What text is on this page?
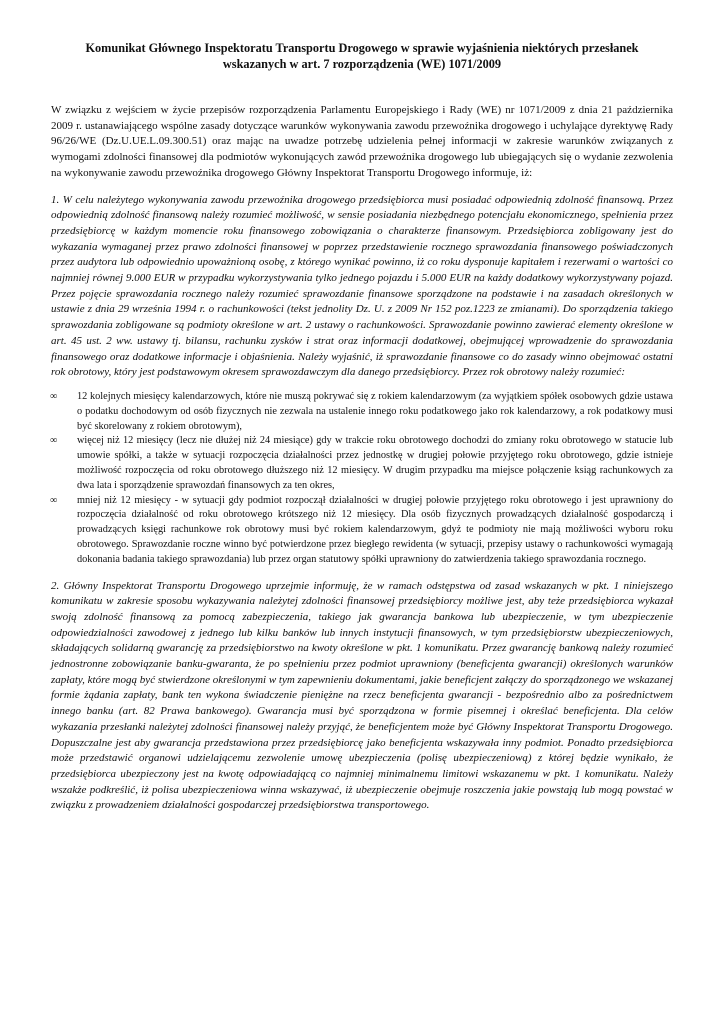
Komunikat Głównego Inspektoratu Transportu Drogowego w sprawie wyjaśnienia niektórych przesłanek wskazanych w art. 7 rozporządzenia (WE) 1071/2009

W związku z wejściem w życie przepisów rozporządzenia Parlamentu Europejskiego i Rady (WE) nr 1071/2009 z dnia 21 października 2009 r. ustanawiającego wspólne zasady dotyczące warunków wykonywania zawodu przewoźnika drogowego i uchylające dyrektywę Rady 96/26/WE (Dz.U.UE.L.09.300.51) oraz mając na uwadze potrzebę udzielenia pełnej informacji w zakresie warunków związanych z wymogami zdolności finansowej dla podmiotów wykonujących zawód przewoźnika drogowego lub ubiegających się o wydanie zezwolenia na wykonywanie zawodu przewoźnika drogowego Główny Inspektorat Transportu Drogowego informuje, iż:

1. W celu należytego wykonywania zawodu przewoźnika drogowego przedsiębiorca musi posiadać odpowiednią zdolność finansową. Przez odpowiednią zdolność finansową należy rozumieć możliwość, w sensie posiadania niezbędnego potencjału ekonomicznego, spełnienia przez przedsiębiorcę w każdym momencie roku finansowego zobowiązania o charakterze finansowym. Przedsiębiorca zobligowany jest do wykazania wymaganej przez prawo zdolności finansowej w poprzez przedstawienie rocznego sprawozdania finansowego poświadczonych przez audytora lub odpowiednio upoważnioną osobę, z którego wynikać powinno, iż co roku dysponuje kapitałem i rezerwami o wartości co najmniej równej 9.000 EUR w przypadku wykorzystywania tylko jednego pojazdu i 5.000 EUR na każdy dodatkowy wykorzystywany pojazd. Przez pojęcie sprawozdania rocznego należy rozumieć sprawozdanie finansowe sporządzone na podstawie i na zasadach określonych w ustawie z dnia 29 września 1994 r. o rachunkowości (tekst jednolity Dz. U. z 2009 Nr 152 poz.1223 ze zmianami). Do sporządzenia takiego sprawozdania zobligowane są podmioty określone w art. 2 ustawy o rachunkowości. Sprawozdanie powinno zawierać elementy określone w art. 45 ust. 2 ww. ustawy tj. bilansu, rachunku zysków i strat oraz informacji dodatkowej, obejmującej wprowadzenie do sprawozdania finansowego oraz dodatkowe informacje i objaśnienia. Należy wyjaśnić, iż sprawozdanie finansowe co do zasady winno obejmować ostatni rok obrotowy, który jest podstawowym okresem sprawozdawczym dla danego przedsiębiorcy. Przez rok obrotowy należy rozumieć:

∞ 12 kolejnych miesięcy kalendarzowych, które nie muszą pokrywać się z rokiem kalendarzowym (za wyjątkiem spółek osobowych gdzie ustawa o podatku dochodowym od osób fizycznych nie zezwala na ustalenie innego roku podatkowego jako rok kalendarzowy, a rok podatkowy musi być skorelowany z rokiem obrotowym),
∞ więcej niż 12 miesięcy (lecz nie dłużej niż 24 miesiące) gdy w trakcie roku obrotowego dochodzi do zmiany roku obrotowego w statucie lub umowie spółki, a także w sytuacji rozpoczęcia działalności przez jednostkę w drugiej połowie przyjętego roku obrotowego, gdzie istnieje możliwość rozpoczęcia od roku obrotowego dłuższego niż 12 miesięcy. W drugim przypadku ma miejsce połączenie ksiąg rachunkowych za dwa lata i sporządzenie sprawozdań finansowych za ten okres,
∞ mniej niż 12 miesięcy - w sytuacji gdy podmiot rozpoczął działalności w drugiej połowie przyjętego roku obrotowego i jest uprawniony do rozpoczęcia działalność od roku obrotowego krótszego niż 12 miesięcy. Dla osób fizycznych prowadzących działalność gospodarczą i prowadzących księgi rachunkowe rok obrotowy musi być rokiem kalendarzowym, gdyż te podmioty nie mają możliwości wyboru roku obrotowego. Sprawozdanie roczne winno być potwierdzone przez biegłego rewidenta (w sytuacji, przepisy ustawy o rachunkowości wymagają dokonania badania takiego sprawozdania) lub przez organ statutowy spółki uprawniony do zatwierdzenia takiego sprawozdania rocznego.

2. Główny Inspektorat Transportu Drogowego uprzejmie informuję, że w ramach odstępstwa od zasad wskazanych w pkt. 1 niniejszego komunikatu w zakresie sposobu wykazywania należytej zdolności finansowej przedsiębiorcy możliwe jest, aby teże przedsiębiorca wykazał swoją zdolność finansową za pomocą zabezpieczenia, takiego jak gwarancja bankowa lub ubezpieczenie, w tym ubezpieczenie odpowiedzialności zawodowej z jednego lub kilku banków lub innych instytucji finansowych, w tym przedsiębiorstw ubezpieczeniowych, składających solidarną gwarancję za przedsiębiorstwo na kwoty określone w pkt. 1 komunikatu. Przez gwarancję bankową należy rozumieć jednostronne zobowiązanie banku-gwaranta, że po spełnieniu przez podmiot uprawniony (beneficjenta gwarancji) określonych warunków zapłaty, które mogą być stwierdzone określonymi w tym zapewnieniu dokumentami, jakie beneficjent załączy do sporządzonego we wskazanej formie żądania zapłaty, bank ten wykona świadczenie pieniężne na rzecz beneficjenta gwarancji - bezpośrednio albo za pośrednictwem innego banku (art. 82 Prawa bankowego). Gwarancja musi być sporządzona w formie pisemnej i określać beneficjenta. Dla celów wykazania przesłanki należytej zdolności finansowej należy przyjąć, że beneficjentem może być Główny Inspektorat Transportu Drogowego. Dopuszczalne jest aby gwarancja przedstawiona przez przedsiębiorcę jako beneficjenta wskazywała inny podmiot. Ponadto przedsiębiorca może przedstawić organowi udzielającemu zezwolenie umowę ubezpieczenia (polisę ubezpieczeniową) z której będzie wynikało, że przedsiębiorca ubezpieczony jest na kwotę odpowiadającą co najmniej minimalnemu limitowi wskazanemu w pkt. 1 komunikatu. Należy wszakże podkreślić, iż polisa ubezpieczeniowa winna wskazywać, iż ubezpieczenie obejmuje roszczenia jakie powstają lub mogą powstać w związku z prowadzeniem działalności gospodarczej przedsiębiorstwa transportowego.
